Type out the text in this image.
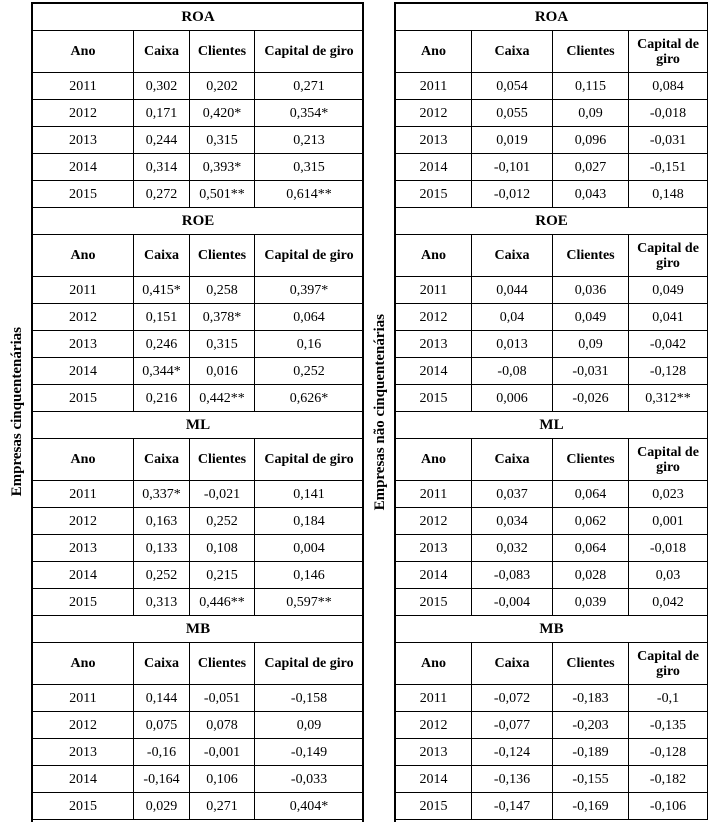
Empresas cinquentenárias	Empresas não cinquentenárias
ROA			
Ano	Caixa	Clientes	Capital de giro
2011	0,302	0,202	0,271
2012	0,171	0,420*	0,354*
2013	0,244	0,315	0,213
2014	0,314	0,393*	0,315
2015	0,272	0,501**	0,614**
ROE			
Ano	Caixa	Clientes	Capital de giro
2011	0,415*	0,258	0,397*
2012	0,151	0,378*	0,064
2013	0,246	0,315	0,16
2014	0,344*	0,016	0,252
2015	0,216	0,442**	0,626*
ML			
Ano	Caixa	Clientes	Capital de giro
2011	0,337*	-0,021	0,141
2012	0,163	0,252	0,184
2013	0,133	0,108	0,004
2014	0,252	0,215	0,146
2015	0,313	0,446**	0,597**
MB			
Ano	Caixa	Clientes	Capital de giro
2011	0,144	-0,051	-0,158
2012	0,075	0,078	0,09
2013	-0,16	-0,001	-0,149
2014	-0,164	0,106	-0,033
2015	0,029	0,271	0,404*
ROA			
Ano	Caixa	Clientes	Capital de giro
2011	0,054	0,115	0,084
2012	0,055	0,09	-0,018
2013	0,019	0,096	-0,031
2014	-0,101	0,027	-0,151
2015	-0,012	0,043	0,148
ROE			
Ano	Caixa	Clientes	Capital de giro
2011	0,044	0,036	0,049
2012	0,04	0,049	0,041
2013	0,013	0,09	-0,042
2014	-0,08	-0,031	-0,128
2015	0,006	-0,026	0,312**
ML			
Ano	Caixa	Clientes	Capital de giro
2011	0,037	0,064	0,023
2012	0,034	0,062	0,001
2013	0,032	0,064	-0,018
2014	-0,083	0,028	0,03
2015	-0,004	0,039	0,042
MB			
Ano	Caixa	Clientes	Capital de giro
2011	-0,072	-0,183	-0,1
2012	-0,077	-0,203	-0,135
2013	-0,124	-0,189	-0,128
2014	-0,136	-0,155	-0,182
2015	-0,147	-0,169	-0,106
